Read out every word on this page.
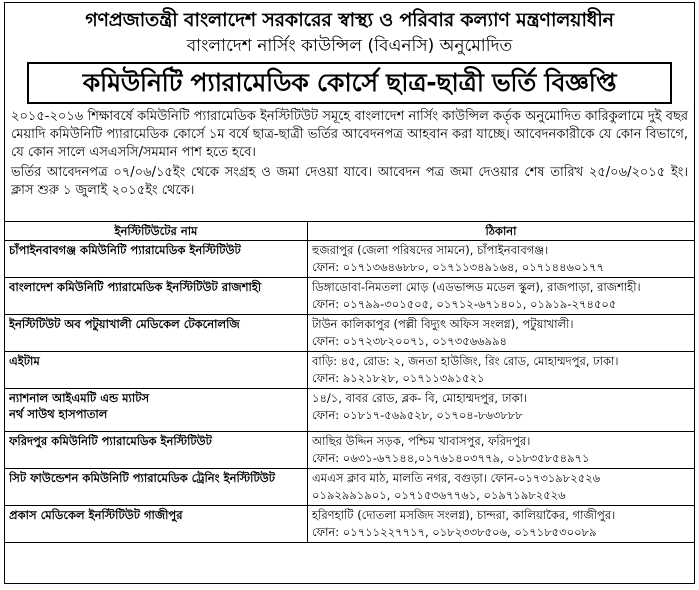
গণপ্রজাতন্ত্রী বাংলাদেশ সরকারের স্বাস্থ্য ও পরিবার কল্যাণ মন্ত্রণালয়াধীন
বাংলাদেশ নার্সিং কাউন্সিল (বিএনসি) অনুমোদিত
কমিউনিটি প্যারামেডিক কোর্সে ছাত্র-ছাত্রী ভর্তি বিজ্ঞপ্তি
২০১৫-২০১৬ শিক্ষাবর্ষে কমিউনিটি প্যারামেডিক ইনস্টিটিউট সমূহে বাংলাদেশ নার্সিং কাউন্সিল কর্তৃক অনুমোদিত কারিকুলামে দুই বছর মেয়াদি কমিউনিটি প্যারামেডিক কোর্সে ১ম বর্ষে ছাত্র-ছাত্রী ভর্তির আবেদনপত্র আহবান করা যাচ্ছে। আবেদনকারীকে যে কোন বিভাগে, যে কোন সালে এসএসসি/সমমান পাশ হতে হবে।
ভর্তির আবেদনপত্র ০৭/০৬/১৫ইং থেকে সংগ্রহ ও জমা দেওয়া যাবে। আবেদন পত্র জমা দেওয়ার শেষ তারিখ ২৫/০৬/২০১৫ ইং। ক্লাস শুরু ১ জুলাই ২০১৫ইং থেকে।
ইনস্টিটিউটের নাম	ঠিকানা

চাঁপাইনবাবগঞ্জ কমিউনিটি প্যারামেডিক ইনস্টিটিউট	হুজরাপুর (জেলা পরিষদের সামনে), চাঁপাইনবাবগঞ্জ।
ফোন: ০১৭১৩৬৪৬৮৮০, ০১৭১১৩৪৯১৬৪, ০১৭১৪৪৬০১৭৭

বাংলাদেশ কমিউনিটি প্যারামেডিক ইনস্টিটিউট রাজশাহী	ডিঙ্গাডোবা-নিমতলা মোড় (এডভান্সড মডেল স্কুল), রাজপাড়া, রাজশাহী।
ফোন: ০১৭৯৯-৩০১৫০৫, ০১৭১২-৬৭১৪০১, ০১৯১৯-২৭৪৫০৫

ইনস্টিটিউট অব পটুয়াখালী মেডিকেল টেকনোলজি	টাউন কালিকাপুর (পল্লী বিদ্যুৎ অফিস সংলগ্ন), পটুয়াখালী।
ফোন: ০১৭২৩৮২০০৭১, ০১৭৩৫৬৬৯৯৪

এইটাম	বাড়ি: ৪৫, রোড: ২, জনতা হাউজিং, রিং রোড, মোহাম্মদপুর, ঢাকা।
ফোন: ৯১২১৮২৮, ০১৭১১৩৯১৫২১

ন্যাশনাল আইএমটি এন্ড ম্যাটস
নর্থ সাউথ হাসপাতাল	১৪/১, বাবর রোড, ব্লক- বি, মোহাম্মদপুর, ঢাকা।
ফোন: ০১৮১৭-৫৬৯৫২৮, ০১৭০৪-৮৬৩৮৮৮

ফরিদপুর কমিউনিটি প্যারামেডিক ইনস্টিটিউট	আছির উদ্দিন সড়ক, পশ্চিম খাবাসপুর, ফরিদপুর।
ফোন: ০৬৩১-৬৭১৪৪,০১৭৬১৪০৩৭৭৯, ০১৮৩৫৮৫৪৯৭১

সিট ফাউন্ডেশন কমিউনিটি প্যারামেডিক ট্রেনিং ইনস্টিটিউট	এমএস ক্লাব মাঠ, মালতি নগর, বগুড়া। ফোন-০১৭৩১৯৮২৫২৬
০১৯২৯৯১৯০১, ০১৭১৫৩৬৭৭৬১, ০১৯৭১৯৮২৫২৬

প্রকাস মেডিকেল ইনস্টিটিউট গাজীপুর	হরিণহাটি (দোতলা মসজিদ সংলগ্ন), চান্দরা, কালিয়াকৈর, গাজীপুর।
ফোন: ০১৭১১২২৭৭১৭, ০১৮২৩৩৮৫০৬, ০১৭১৮৫৩০০৮৯
